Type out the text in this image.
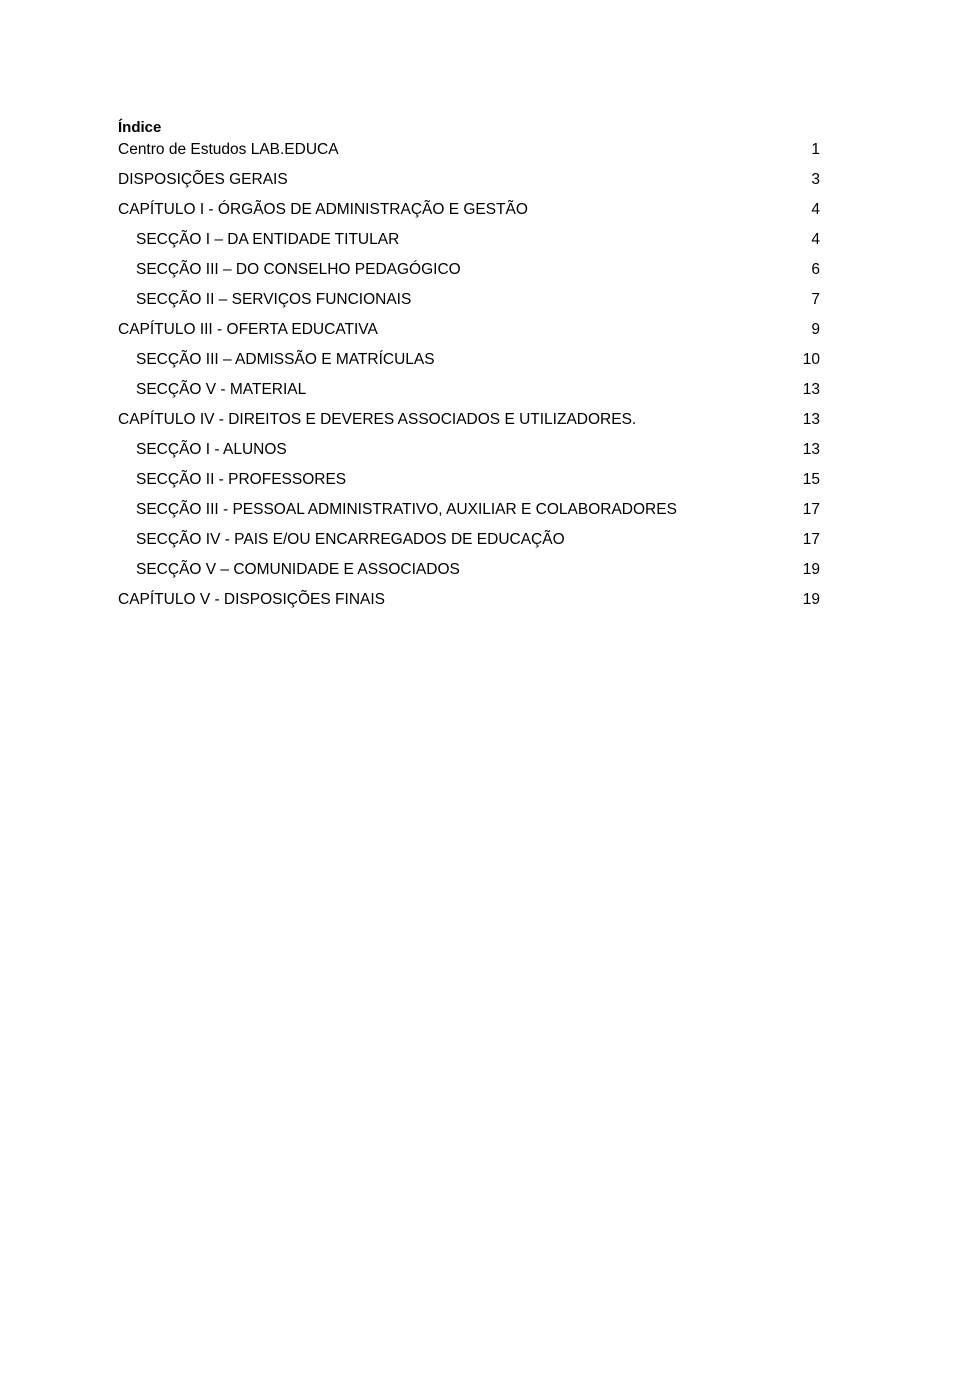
Índice
Centro de Estudos LAB.EDUCA	1
DISPOSIÇÕES GERAIS	3
CAPÍTULO I - ÓRGÃOS DE ADMINISTRAÇÃO E GESTÃO	4
SECÇÃO I – DA ENTIDADE TITULAR	4
SECÇÃO III – DO CONSELHO PEDAGÓGICO	6
SECÇÃO II – SERVIÇOS FUNCIONAIS	7
CAPÍTULO III - OFERTA EDUCATIVA	9
SECÇÃO III – ADMISSÃO E MATRÍCULAS	10
SECÇÃO V - MATERIAL	13
CAPÍTULO IV - DIREITOS E DEVERES ASSOCIADOS E UTILIZADORES.	13
SECÇÃO I - ALUNOS	13
SECÇÃO II - PROFESSORES	15
SECÇÃO III - PESSOAL ADMINISTRATIVO, AUXILIAR E COLABORADORES	17
SECÇÃO IV - PAIS E/OU ENCARREGADOS DE EDUCAÇÃO	17
SECÇÃO V – COMUNIDADE E ASSOCIADOS	19
CAPÍTULO V - DISPOSIÇÕES FINAIS	19
